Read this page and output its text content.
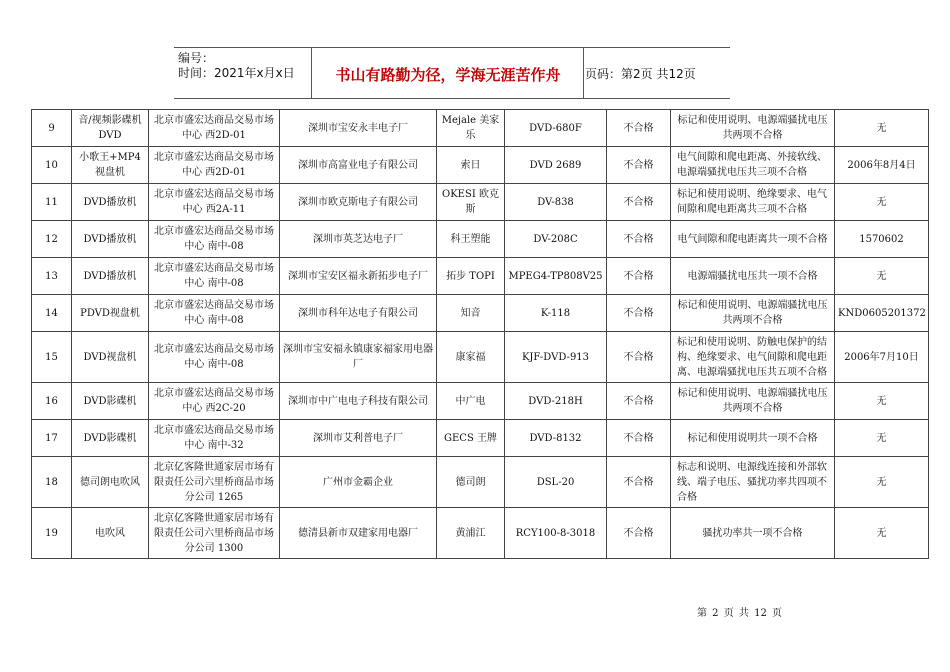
编号：
时间：2021年x月x日	书山有路勤为径，学海无涯苦作舟	页码：第2页 共12页
9	音/视频影碟机DVD	北京市盛宏达商品交易市场中心 西2D-01	深圳市宝安永丰电子厂	Mejale 美家乐	DVD-680F	不合格	标记和使用说明、电源端骚扰电压共两项不合格	无
10	小歌王+MP4视盘机	北京市盛宏达商品交易市场中心 西2D-01	深圳市高富业电子有限公司	索日	DVD 2689	不合格	电气间隙和爬电距离、外接软线、电源端骚扰电压共三项不合格	2006年8月4日
11	DVD播放机	北京市盛宏达商品交易市场中心 西2A-11	深圳市欧克斯电子有限公司	OKESI 欧克斯	DV-838	不合格	标记和使用说明、绝缘要求、电气间隙和爬电距离共三项不合格	无
12	DVD播放机	北京市盛宏达商品交易市场中心 南中-08	深圳市英芝达电子厂	科王塑能	DV-208C	不合格	电气间隙和爬电距离共一项不合格	1570602
13	DVD播放机	北京市盛宏达商品交易市场中心 南中-08	深圳市宝安区福永新拓步电子厂	拓步 TOPI	MPEG4-TP808V25	不合格	电源端骚扰电压共一项不合格	无
14	PDVD视盘机	北京市盛宏达商品交易市场中心 南中-08	深圳市科年达电子有限公司	知音	K-118	不合格	标记和使用说明、电源端骚扰电压共两项不合格	KND0605201372
15	DVD视盘机	北京市盛宏达商品交易市场中心 南中-08	深圳市宝安福永镇康家福家用电器厂	康家福	KJF-DVD-913	不合格	标记和使用说明、防触电保护的结构、绝缘要求、电气间隙和爬电距离、电源端骚扰电压共五项不合格	2006年7月10日
16	DVD影碟机	北京市盛宏达商品交易市场中心 西2C-20	深圳市中广电电子科技有限公司	中广电	DVD-218H	不合格	标记和使用说明、电源端骚扰电压共两项不合格	无
17	DVD影碟机	北京市盛宏达商品交易市场中心 南中-32	深圳市艾利普电子厂	GECS 王牌	DVD-8132	不合格	标记和使用说明共一项不合格	无
18	德司朗电吹风	北京亿客隆世通家居市场有限责任公司六里桥商品市场分公司 1265	广州市金霸企业	德司朗	DSL-20	不合格	标志和说明、电源线连接和外部软线、端子电压、骚扰功率共四项不合格	无
19	电吹风	北京亿客隆世通家居市场有限责任公司六里桥商品市场分公司 1300	德清县新市双建家用电器厂	黄浦江	RCY100-8-3018	不合格	骚扰功率共一项不合格	无
第 2 页 共 12 页
